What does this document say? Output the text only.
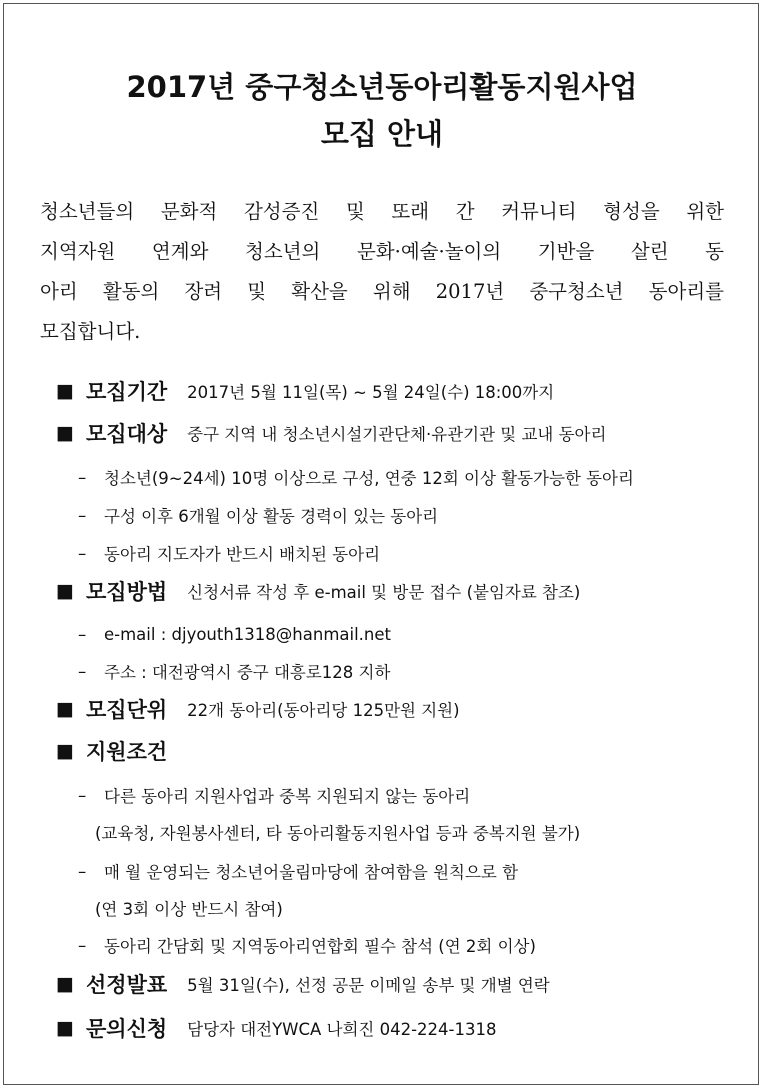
2017년 중구청소년동아리활동지원사업
모집 안내
청소년들의 문화적 감성증진 및 또래 간 커뮤니티 형성을 위한
지역자원 연계와 청소년의 문화·예술·놀이의 기반을 살린 동
아리 활동의 장려 및 확산을 위해 2017년 중구청소년 동아리를
모집합니다.
■ 모집기간 2017년 5월 11일(목) ~ 5월 24일(수) 18:00까지
■ 모집대상 중구 지역 내 청소년시설기관단체·유관기관 및 교내 동아리
–	청소년(9~24세) 10명 이상으로 구성, 연중 12회 이상 활동가능한 동아리
–	구성 이후 6개월 이상 활동 경력이 있는 동아리
–	동아리 지도자가 반드시 배치된 동아리
■ 모집방법 신청서류 작성 후 e-mail 및 방문 접수 (붙임자료 참조)
–	e-mail : djyouth1318@hanmail.net
–	주소 : 대전광역시 중구 대흥로128 지하
■ 모집단위 22개 동아리(동아리당 125만원 지원)
■ 지원조건
–	다른 동아리 지원사업과 중복 지원되지 않는 동아리
(교육청, 자원봉사센터, 타 동아리활동지원사업 등과 중복지원 불가)
–	매 월 운영되는 청소년어울림마당에 참여함을 원칙으로 함
(연 3회 이상 반드시 참여)
–	동아리 간담회 및 지역동아리연합회 필수 참석 (연 2회 이상)
■ 선정발표 5월 31일(수), 선정 공문 이메일 송부 및 개별 연락
■ 문의신청 담당자 대전YWCA 나희진 042-224-1318
